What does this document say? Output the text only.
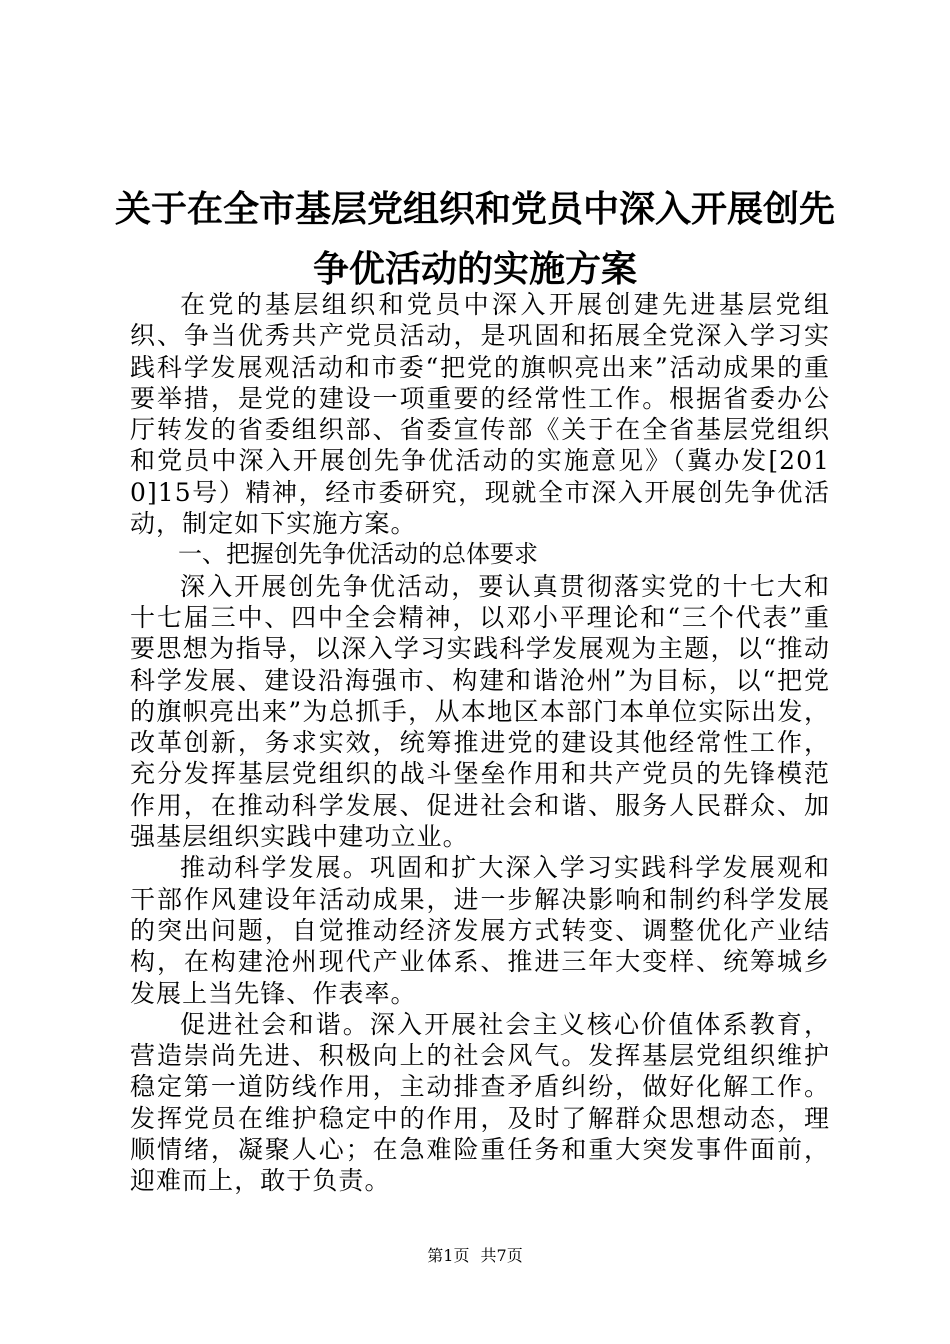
关于在全市基层党组织和党员中深入开展创先
争优活动的实施方案

在党的基层组织和党员中深入开展创建先进基层党组织、争当优秀共产党员活动，是巩固和拓展全党深入学习实践科学发展观活动和市委“把党的旗帜亮出来”活动成果的重要举措，是党的建设一项重要的经常性工作。根据省委办公厅转发的省委组织部、省委宣传部《关于在全省基层党组织和党员中深入开展创先争优活动的实施意见》（冀办发[2010]15号）精神，经市委研究，现就全市深入开展创先争优活动，制定如下实施方案。

一、把握创先争优活动的总体要求

深入开展创先争优活动，要认真贯彻落实党的十七大和十七届三中、四中全会精神，以邓小平理论和“三个代表”重要思想为指导，以深入学习实践科学发展观为主题，以“推动科学发展、建设沿海强市、构建和谐沧州”为目标，以“把党的旗帜亮出来”为总抓手，从本地区本部门本单位实际出发，改革创新，务求实效，统筹推进党的建设其他经常性工作，充分发挥基层党组织的战斗堡垒作用和共产党员的先锋模范作用，在推动科学发展、促进社会和谐、服务人民群众、加强基层组织实践中建功立业。

推动科学发展。巩固和扩大深入学习实践科学发展观和干部作风建设年活动成果，进一步解决影响和制约科学发展的突出问题，自觉推动经济发展方式转变、调整优化产业结构，在构建沧州现代产业体系、推进三年大变样、统筹城乡发展上当先锋、作表率。

促进社会和谐。深入开展社会主义核心价值体系教育，营造崇尚先进、积极向上的社会风气。发挥基层党组织维护稳定第一道防线作用，主动排查矛盾纠纷，做好化解工作。发挥党员在维护稳定中的作用，及时了解群众思想动态，理顺情绪，凝聚人心；在急难险重任务和重大突发事件面前，迎难而上，敢于负责。

第1页 共7页
